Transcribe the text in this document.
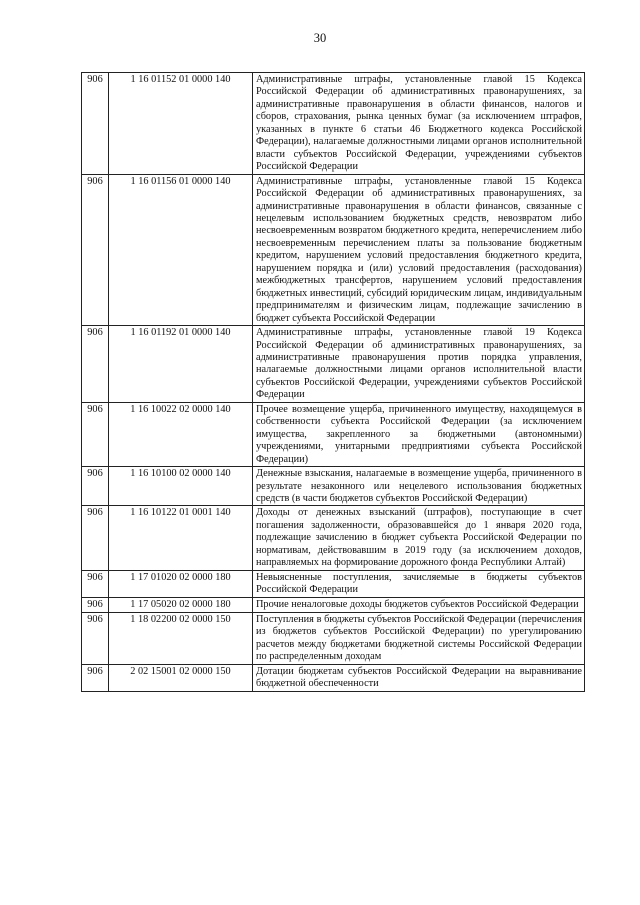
30
906	1 16 01152 01 0000 140	Административные штрафы, установленные главой 15 Кодекса Российской Федерации об административных правонарушениях, за административные правонарушения в области финансов, налогов и сборов, страхования, рынка ценных бумаг (за исключением штрафов, указанных в пункте 6 статьи 46 Бюджетного кодекса Российской Федерации), налагаемые должностными лицами органов исполнительной власти субъектов Российской Федерации, учреждениями субъектов Российской Федерации
906	1 16 01156 01 0000 140	Административные штрафы, установленные главой 15 Кодекса Российской Федерации об административных правонарушениях, за административные правонарушения в области финансов, связанные с нецелевым использованием бюджетных средств, невозвратом либо несвоевременным возвратом бюджетного кредита, неперечислением либо несвоевременным перечислением платы за пользование бюджетным кредитом, нарушением условий предоставления бюджетного кредита, нарушением порядка и (или) условий предоставления (расходования) межбюджетных трансфертов, нарушением условий предоставления бюджетных инвестиций, субсидий юридическим лицам, индивидуальным предпринимателям и физическим лицам, подлежащие зачислению в бюджет субъекта Российской Федерации
906	1 16 01192 01 0000 140	Административные штрафы, установленные главой 19 Кодекса Российской Федерации об административных правонарушениях, за административные правонарушения против порядка управления, налагаемые должностными лицами органов исполнительной власти субъектов Российской Федерации, учреждениями субъектов Российской Федерации
906	1 16 10022 02 0000 140	Прочее возмещение ущерба, причиненного имуществу, находящемуся в собственности субъекта Российской Федерации (за исключением имущества, закрепленного за бюджетными (автономными) учреждениями, унитарными предприятиями субъекта Российской Федерации)
906	1 16 10100 02 0000 140	Денежные взыскания, налагаемые в возмещение ущерба, причиненного в результате незаконного или нецелевого использования бюджетных средств (в части бюджетов субъектов Российской Федерации)
906	1 16 10122 01 0001 140	Доходы от денежных взысканий (штрафов), поступающие в счет погашения задолженности, образовавшейся до 1 января 2020 года, подлежащие зачислению в бюджет субъекта Российской Федерации по нормативам, действовавшим в 2019 году (за исключением доходов, направляемых на формирование дорожного фонда Республики Алтай)
906	1 17 01020 02 0000 180	Невыясненные поступления, зачисляемые в бюджеты субъектов Российской Федерации
906	1 17 05020 02 0000 180	Прочие неналоговые доходы бюджетов субъектов Российской Федерации
906	1 18 02200 02 0000 150	Поступления в бюджеты субъектов Российской Федерации (перечисления из бюджетов субъектов Российской Федерации) по урегулированию расчетов между бюджетами бюджетной системы Российской Федерации по распределенным доходам
906	2 02 15001 02 0000 150	Дотации бюджетам субъектов Российской Федерации на выравнивание бюджетной обеспеченности
